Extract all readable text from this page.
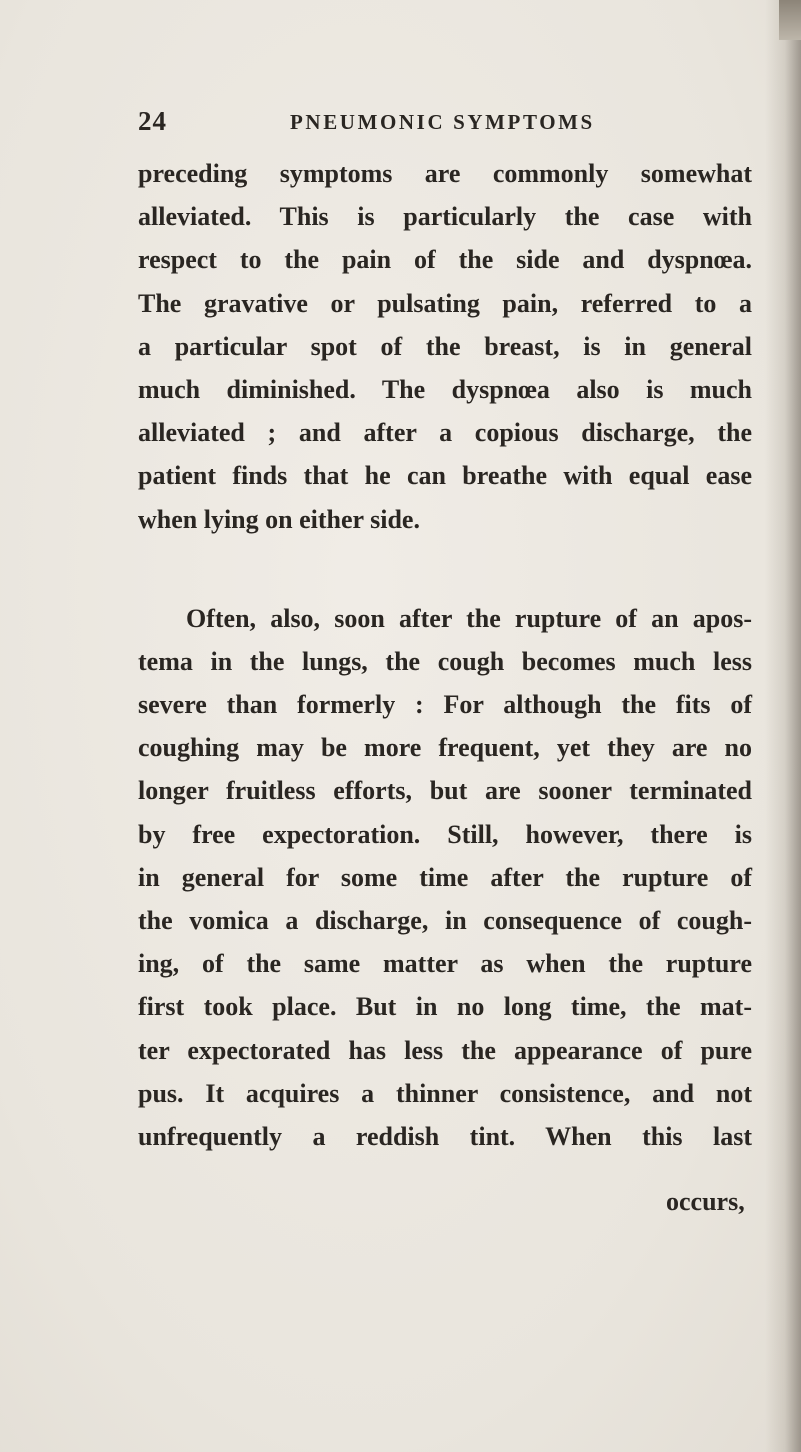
24	PNEUMONIC SYMPTOMS
preceding symptoms are commonly somewhat
alleviated. This is particularly the case with
respect to the pain of the side and dyspnœa.
The gravative or pulsating pain, referred to a
a particular spot of the breast, is in general
much diminished. The dyspnœa also is much
alleviated ; and after a copious discharge, the
patient finds that he can breathe with equal ease
when lying on either side.
Often, also, soon after the rupture of an apos-
tema in the lungs, the cough becomes much less
severe than formerly : For although the fits of
coughing may be more frequent, yet they are no
longer fruitless efforts, but are sooner terminated
by free expectoration. Still, however, there is
in general for some time after the rupture of
the vomica a discharge, in consequence of cough-
ing, of the same matter as when the rupture
first took place. But in no long time, the mat-
ter expectorated has less the appearance of pure
pus. It acquires a thinner consistence, and not
unfrequently a reddish tint. When this last
occurs,
